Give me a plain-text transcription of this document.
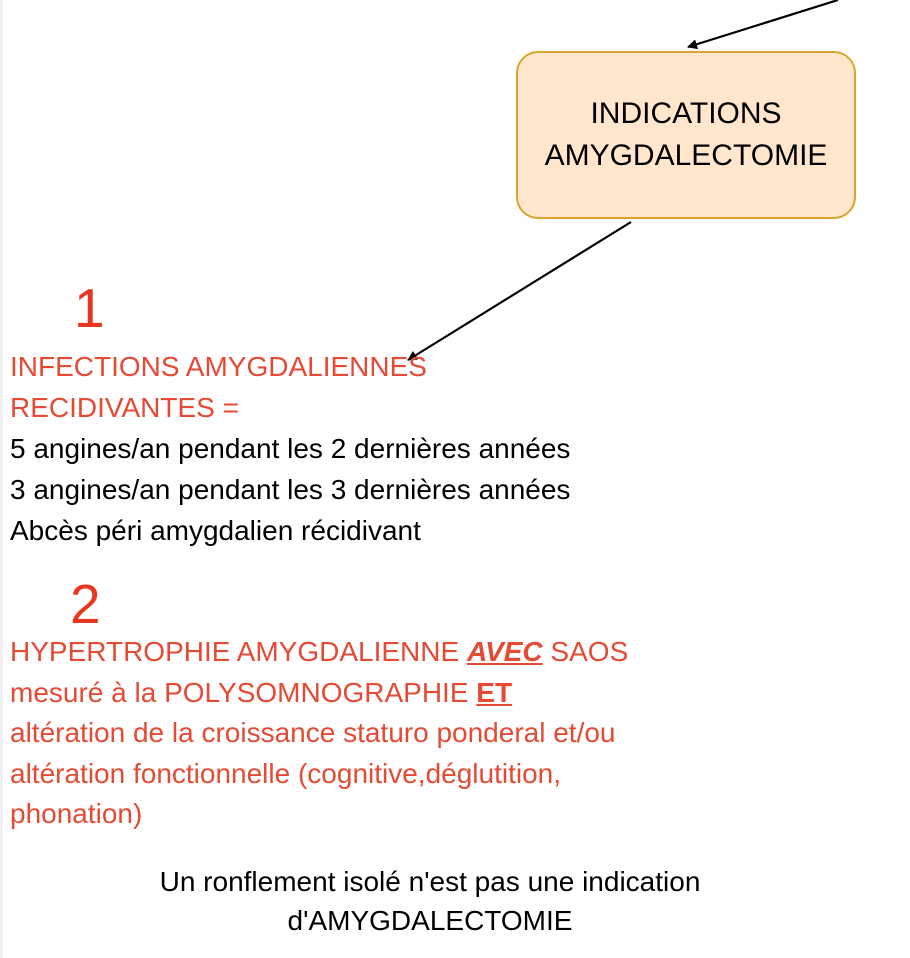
INDICATIONS
AMYGDALECTOMIE
1
INFECTIONS AMYGDALIENNES
RECIDIVANTES =
5 angines/an pendant les 2 dernières années
3 angines/an pendant les 3 dernières années
Abcès péri amygdalien récidivant
2
HYPERTROPHIE AMYGDALIENNE AVEC SAOS
mesuré à la POLYSOMNOGRAPHIE ET
altération de la croissance staturo ponderal et/ou
altération fonctionnelle (cognitive,déglutition,
phonation)
Un ronflement isolé n'est pas une indication
d'AMYGDALECTOMIE
